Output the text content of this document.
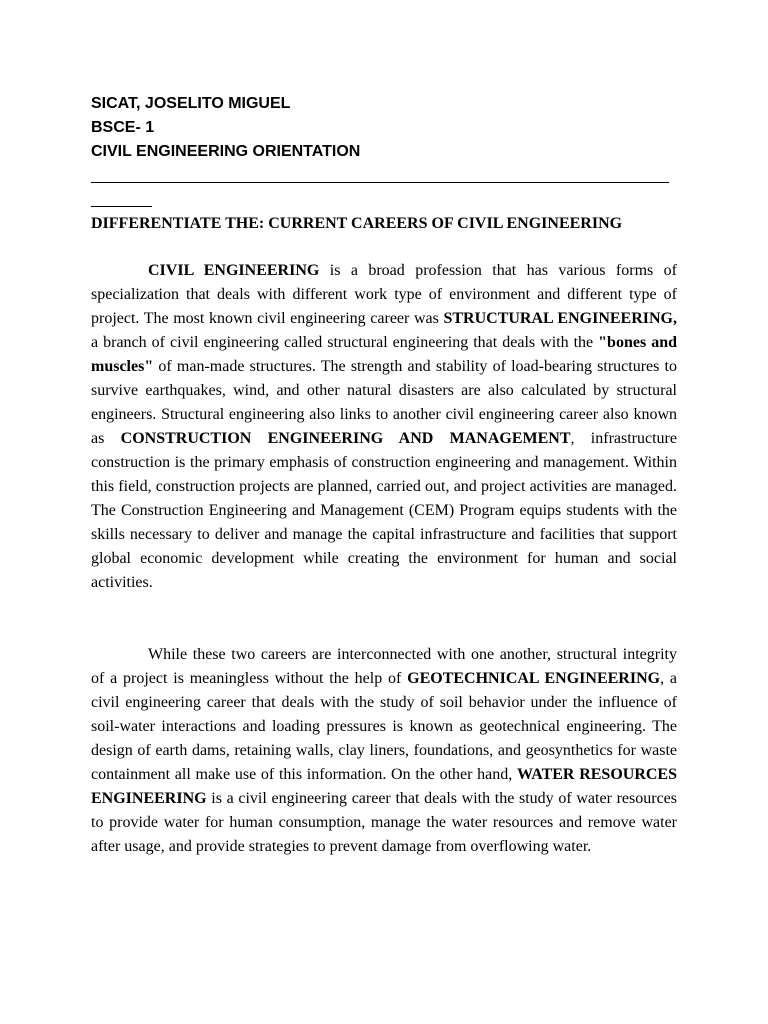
SICAT, JOSELITO MIGUEL

BSCE- 1

CIVIL ENGINEERING ORIENTATION

DIFFERENTIATE THE: CURRENT CAREERS OF CIVIL ENGINEERING

CIVIL ENGINEERING is a broad profession that has various forms of specialization that deals with different work type of environment and different type of project. The most known civil engineering career was STRUCTURAL ENGINEERING, a branch of civil engineering called structural engineering that deals with the "bones and muscles" of man-made structures. The strength and stability of load-bearing structures to survive earthquakes, wind, and other natural disasters are also calculated by structural engineers. Structural engineering also links to another civil engineering career also known as CONSTRUCTION ENGINEERING AND MANAGEMENT, infrastructure construction is the primary emphasis of construction engineering and management. Within this field, construction projects are planned, carried out, and project activities are managed. The Construction Engineering and Management (CEM) Program equips students with the skills necessary to deliver and manage the capital infrastructure and facilities that support global economic development while creating the environment for human and social activities.

While these two careers are interconnected with one another, structural integrity of a project is meaningless without the help of GEOTECHNICAL ENGINEERING, a civil engineering career that deals with the study of soil behavior under the influence of soil-water interactions and loading pressures is known as geotechnical engineering. The design of earth dams, retaining walls, clay liners, foundations, and geosynthetics for waste containment all make use of this information. On the other hand, WATER RESOURCES ENGINEERING is a civil engineering career that deals with the study of water resources to provide water for human consumption, manage the water resources and remove water after usage, and provide strategies to prevent damage from overflowing water.
